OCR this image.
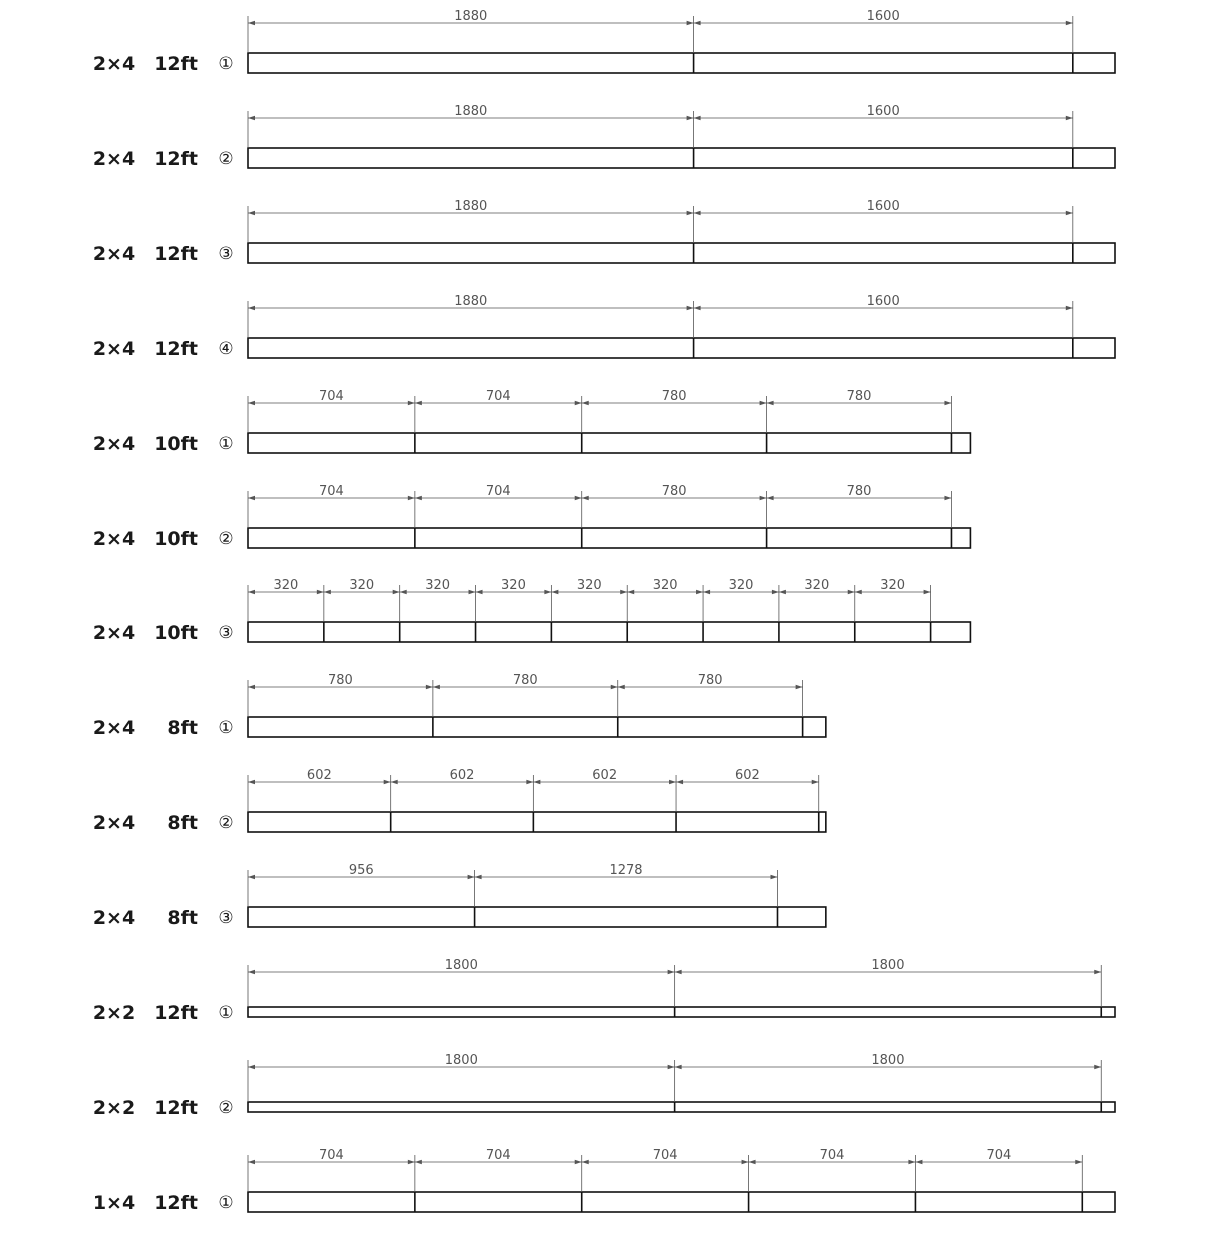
2×4 12ft ①
1880	1600
2×4 12ft ②
1880	1600
2×4 12ft ③
1880	1600
2×4 12ft ④
1880	1600
2×4 10ft ①
704	704	780	780
2×4 10ft ②
704	704	780	780
2×4 10ft ③
320	320	320	320	320	320	320	320	320
2×4 8ft ①
780	780	780
2×4 8ft ②
602	602	602	602
2×4 8ft ③
956	1278
2×2 12ft ①
1800	1800
2×2 12ft ②
1800	1800
1×4 12ft ①
704	704	704	704	704
